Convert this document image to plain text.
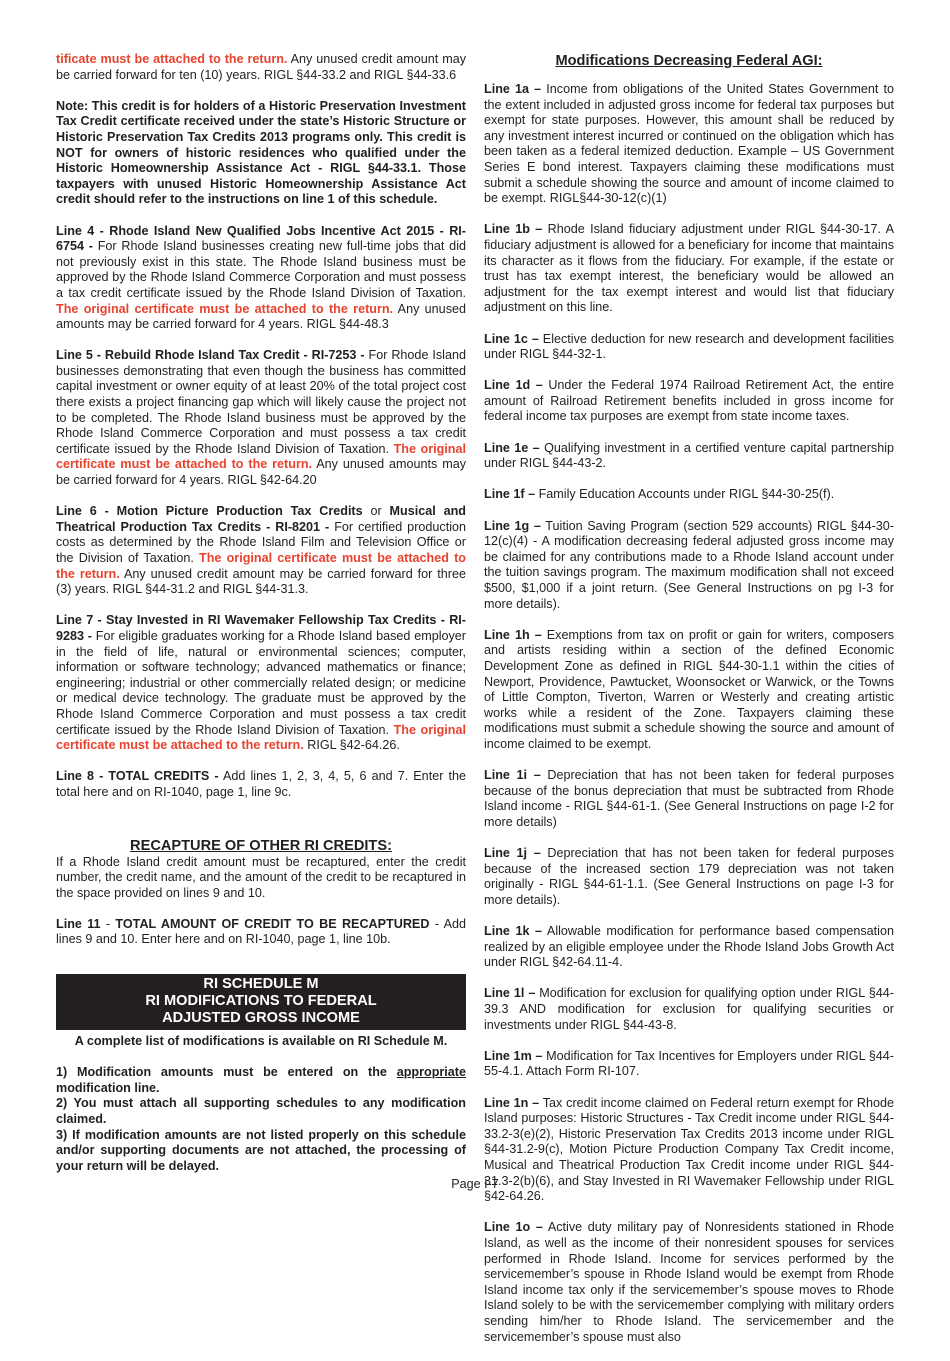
tificate must be attached to the return. Any unused credit amount may be carried forward for ten (10) years. RIGL §44-33.2 and RIGL §44-33.6

Note: This credit is for holders of a Historic Preservation Investment Tax Credit certificate received under the state’s Historic Structure or Historic Preservation Tax Credits 2013 programs only. This credit is NOT for owners of historic residences who qualified under the Historic Homeownership Assistance Act - RIGL §44-33.1. Those taxpayers with unused Historic Homeownership Assistance Act credit should refer to the instructions on line 1 of this schedule.

Line 4 - Rhode Island New Qualified Jobs Incentive Act 2015 - RI-6754 - For Rhode Island businesses creating new full-time jobs that did not previously exist in this state. The Rhode Island business must be approved by the Rhode Island Commerce Corporation and must possess a tax credit certificate issued by the Rhode Island Division of Taxation. The original certificate must be attached to the return. Any unused amounts may be carried forward for 4 years. RIGL §44-48.3

Line 5 - Rebuild Rhode Island Tax Credit - RI-7253 - For Rhode Island businesses demonstrating that even though the business has committed capital investment or owner equity of at least 20% of the total project cost there exists a project financing gap which will likely cause the project not to be completed. The Rhode Island business must be approved by the Rhode Island Commerce Corporation and must possess a tax credit certificate issued by the Rhode Island Division of Taxation. The original certificate must be attached to the return. Any unused amounts may be carried forward for 4 years. RIGL §42-64.20

Line 6 - Motion Picture Production Tax Credits or Musical and Theatrical Production Tax Credits - RI-8201 - For certified production costs as determined by the Rhode Island Film and Television Office or the Division of Taxation. The original certificate must be attached to the return. Any unused credit amount may be carried forward for three (3) years. RIGL §44-31.2 and RIGL §44-31.3.

Line 7 - Stay Invested in RI Wavemaker Fellowship Tax Credits - RI-9283 - For eligible graduates working for a Rhode Island based employer in the field of life, natural or environmental sciences; computer, information or software technology; advanced mathematics or finance; engineering; industrial or other commercially related design; or medicine or medical device technology. The graduate must be approved by the Rhode Island Commerce Corporation and must possess a tax credit certificate issued by the Rhode Island Division of Taxation. The original certificate must be attached to the return. RIGL §42-64.26.

Line 8 - TOTAL CREDITS - Add lines 1, 2, 3, 4, 5, 6 and 7. Enter the total here and on RI-1040, page 1, line 9c.

RECAPTURE OF OTHER RI CREDITS:

If a Rhode Island credit amount must be recaptured, enter the credit number, the credit name, and the amount of the credit to be recaptured in the space provided on lines 9 and 10.

Line 11 - TOTAL AMOUNT OF CREDIT TO BE RECAPTURED - Add lines 9 and 10. Enter here and on RI-1040, page 1, line 10b.

RI SCHEDULE M
RI MODIFICATIONS TO FEDERAL
ADJUSTED GROSS INCOME
A complete list of modifications is available on RI Schedule M.

1) Modification amounts must be entered on the appropriate modification line.

2) You must attach all supporting schedules to any modification claimed.

3) If modification amounts are not listed properly on this schedule and/or supporting documents are not attached, the processing of your return will be delayed.

Modifications Decreasing Federal AGI:

Line 1a – Income from obligations of the United States Government to the extent included in adjusted gross income for federal tax purposes but exempt for state purposes. However, this amount shall be reduced by any investment interest incurred or continued on the obligation which has been taken as a federal itemized deduction. Example – US Government Series E bond interest. Taxpayers claiming these modifications must submit a schedule showing the source and amount of income claimed to be exempt. RIGL§44-30-12(c)(1)

Line 1b – Rhode Island fiduciary adjustment under RIGL §44-30-17. A fiduciary adjustment is allowed for a beneficiary for income that maintains its character as it flows from the fiduciary. For example, if the estate or trust has tax exempt interest, the beneficiary would be allowed an adjustment for the tax exempt interest and would list that fiduciary adjustment on this line.

Line 1c – Elective deduction for new research and development facilities under RIGL §44-32-1.

Line 1d – Under the Federal 1974 Railroad Retirement Act, the entire amount of Railroad Retirement benefits included in gross income for federal income tax purposes are exempt from state income taxes.

Line 1e – Qualifying investment in a certified venture capital partnership under RIGL §44-43-2.

Line 1f – Family Education Accounts under RIGL §44-30-25(f).

Line 1g – Tuition Saving Program (section 529 accounts) RIGL §44-30-12(c)(4) - A modification decreasing federal adjusted gross income may be claimed for any contributions made to a Rhode Island account under the tuition savings program. The maximum modification shall not exceed $500, $1,000 if a joint return. (See General Instructions on pg I-3 for more details).

Line 1h – Exemptions from tax on profit or gain for writers, composers and artists residing within a section of the defined Economic Development Zone as defined in RIGL §44-30-1.1 within the cities of Newport, Providence, Pawtucket, Woonsocket or Warwick, or the Towns of Little Compton, Tiverton, Warren or Westerly and creating artistic works while a resident of the Zone. Taxpayers claiming these modifications must submit a schedule showing the source and amount of income claimed to be exempt.

Line 1i – Depreciation that has not been taken for federal purposes because of the bonus depreciation that must be subtracted from Rhode Island income - RIGL §44-61-1. (See General Instructions on page I-2 for more details)

Line 1j – Depreciation that has not been taken for federal purposes because of the increased section 179 depreciation was not taken originally - RIGL §44-61-1.1. (See General Instructions on page I-3 for more details).

Line 1k – Allowable modification for performance based compensation realized by an eligible employee under the Rhode Island Jobs Growth Act under RIGL §42-64.11-4.

Line 1l – Modification for exclusion for qualifying option under RIGL §44-39.3 AND modification for exclusion for qualifying securities or investments under RIGL §44-43-8.

Line 1m – Modification for Tax Incentives for Employers under RIGL §44-55-4.1. Attach Form RI-107.

Line 1n – Tax credit income claimed on Federal return exempt for Rhode Island purposes: Historic Structures - Tax Credit income under RIGL §44-33.2-3(e)(2), Historic Preservation Tax Credits 2013 income under RIGL §44-31.2-9(c), Motion Picture Production Company Tax Credit income, Musical and Theatrical Production Tax Credit income under RIGL §44-31.3-2(b)(6), and Stay Invested in RI Wavemaker Fellowship under RIGL §42-64.26.

Line 1o – Active duty military pay of Nonresidents stationed in Rhode Island, as well as the income of their nonresident spouses for services performed in Rhode Island. Income for services performed by the servicemember’s spouse in Rhode Island would be exempt from Rhode Island income tax only if the servicemember’s spouse moves to Rhode Island solely to be with the servicemember complying with military orders sending him/her to Rhode Island. The servicemember and the servicemember’s spouse must also

Page I-7
